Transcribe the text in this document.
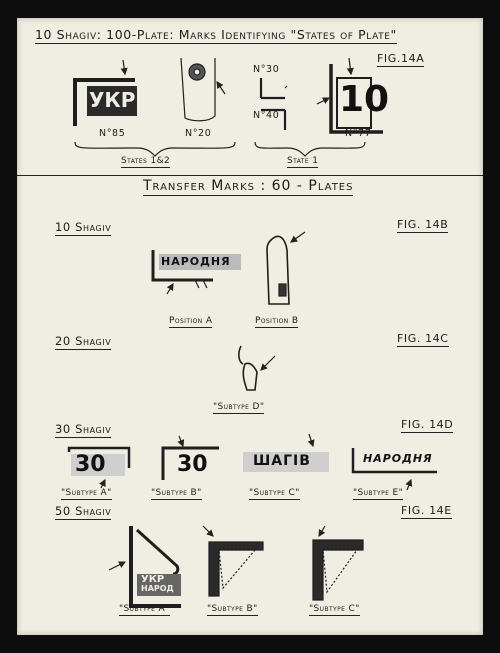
10 Shagiv: 100-Plate: Marks Identifying "States of Plate"
FIG.14A
УКР	10
N°30
N°40
N°85	N°20	N°77
States 1&2	State 1
Transfer Marks : 60 - Plates
10 Shagiv	FIG. 14B
НАРОДНЯ
Position A	Position B
20 Shagiv	FIG. 14C
"Subtype D"
30 Shagiv	FIG. 14D
30	30	ШАГІВ	НАРОДНЯ
"Subtype A"	"Subtype B"	"Subtype C"	"Subtype E"
50 Shagiv	FIG. 14E
УКР
НАРОД
"Subtype A"	"Subtype B"	"Subtype C"
